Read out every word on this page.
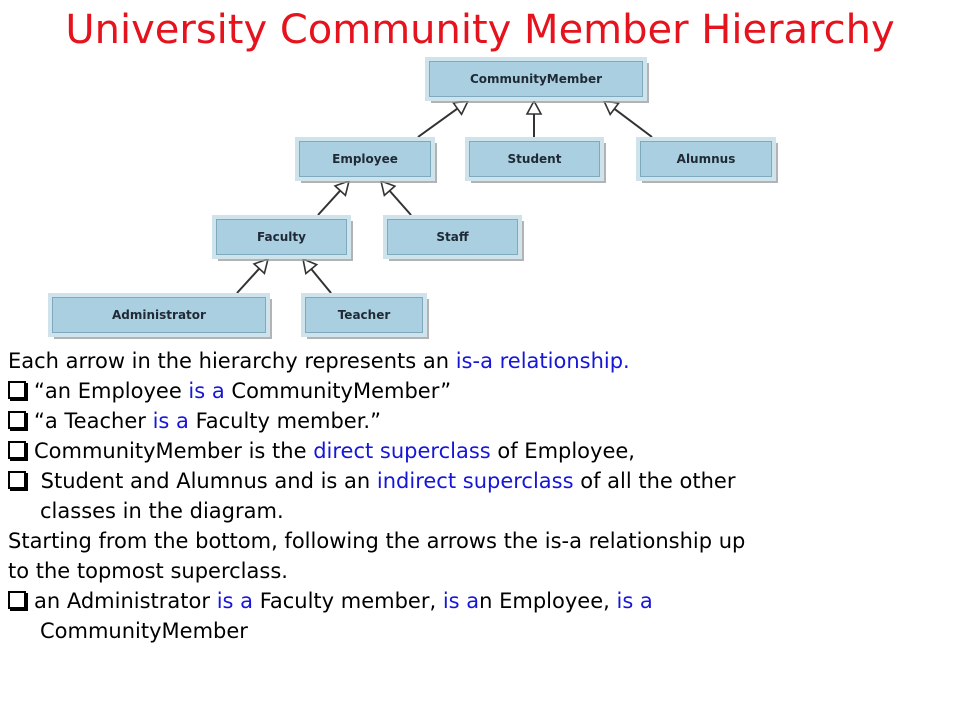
University Community Member Hierarchy
CommunityMember
Employee	Student	Alumnus
Faculty	Staff
Administrator	Teacher
Each arrow in the hierarchy represents an is-a relationship.
“an Employee is a CommunityMember”
“a Teacher is a Faculty member.”
CommunityMember is the direct superclass of Employee,
Student and Alumnus and is an indirect superclass of all the other
classes in the diagram.
Starting from the bottom, following the arrows the is-a relationship up
to the topmost superclass.
an Administrator is a Faculty member, is an Employee, is a
CommunityMember
